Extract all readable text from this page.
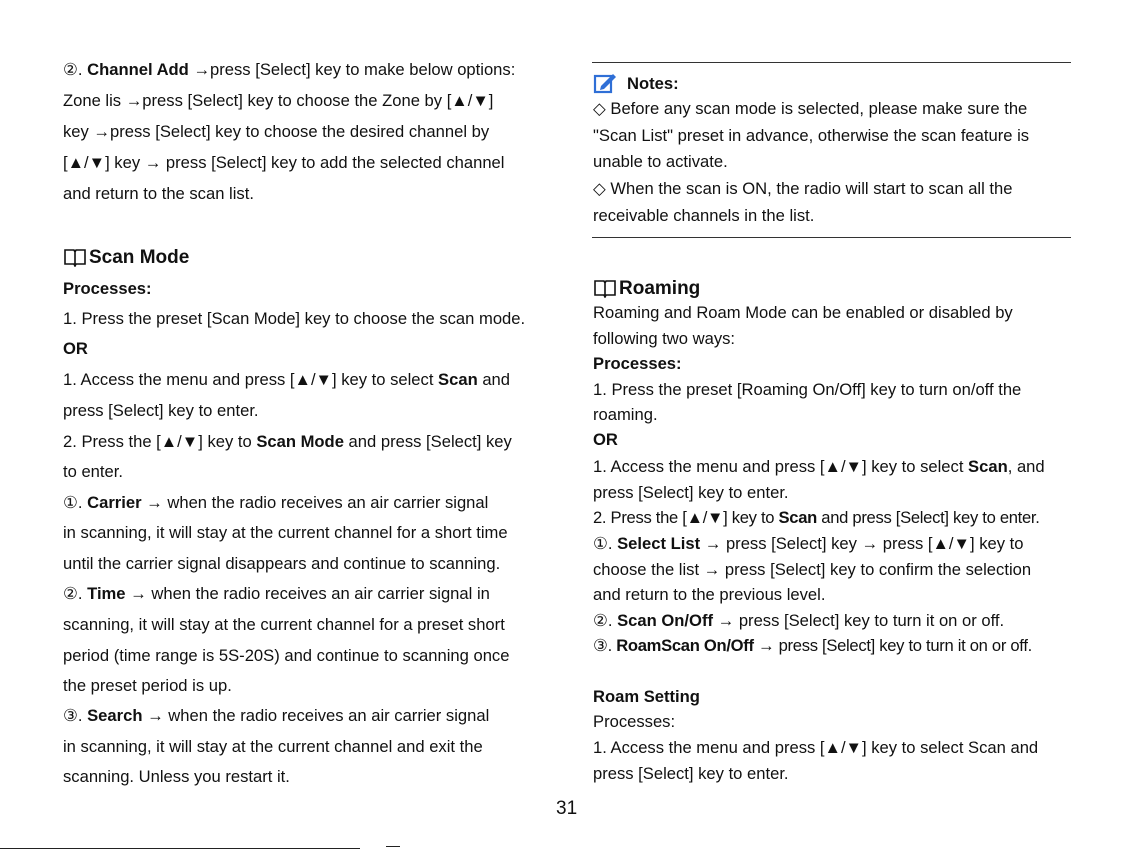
②. Channel Add →press [Select] key to make below options:
Zone lis →press [Select] key to choose the Zone by [▲/▼]
key →press [Select] key to choose the desired channel by
[▲/▼] key → press [Select] key to add the selected channel
and return to the scan list.
Scan Mode
Processes:
1. Press the preset [Scan Mode] key to choose the scan mode.
OR
1. Access the menu and press [▲/▼] key to select Scan and
press [Select] key to enter.
2. Press the [▲/▼] key to Scan Mode and press [Select] key
to enter.
①. Carrier → when the radio receives an air carrier signal
in scanning, it will stay at the current channel for a short time
until the carrier signal disappears and continue to scanning.
②. Time → when the radio receives an air carrier signal in
scanning, it will stay at the current channel for a preset short
period (time range is 5S-20S) and continue to scanning once
the preset period is up.
③. Search → when the radio receives an air carrier signal
in scanning, it will stay at the current channel and exit the
scanning. Unless you restart it.
Notes:
◇ Before any scan mode is selected, please make sure the
"Scan List" preset in advance, otherwise the scan feature is
unable to activate.
◇ When the scan is ON, the radio will start to scan all the
receivable channels in the list.
Roaming
Roaming and Roam Mode can be enabled or disabled by
following two ways:
Processes:
1. Press the preset [Roaming On/Off] key to turn on/off the
roaming.
OR
1. Access the menu and press [▲/▼] key to select Scan, and
press [Select] key to enter.
2. Press the [▲/▼] key to Scan and press [Select] key to enter.
①. Select List → press [Select] key → press [▲/▼] key to
choose the list → press [Select] key to confirm the selection
and return to the previous level.
②. Scan On/Off → press [Select] key to turn it on or off.
③. RoamScan On/Off → press [Select] key to turn it on or off.
Roam Setting
Processes:
1. Access the menu and press [▲/▼] key to select Scan and
press [Select] key to enter.
31
